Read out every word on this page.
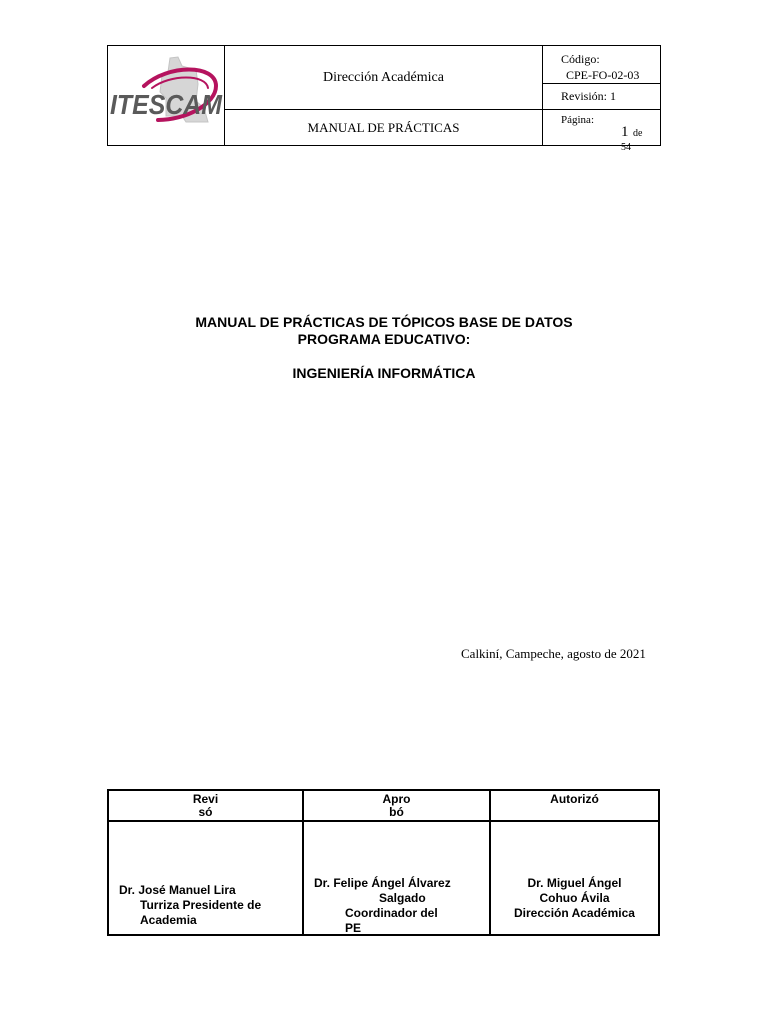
ITESCAM
Dirección Académica
MANUAL DE PRÁCTICAS
Código:
CPE-FO-02-03
Revisión: 1
Página:
1 de
54
MANUAL DE PRÁCTICAS DE TÓPICOS BASE DE DATOS
PROGRAMA EDUCATIVO:
INGENIERÍA INFORMÁTICA
Calkiní, Campeche, agosto de 2021
Revi
só
Apro
bó
Autorizó
Dr. José Manuel Lira
Turriza Presidente de
Academia
Dr. Felipe Ángel Álvarez
Salgado
Coordinador del
PE
Dr. Miguel Ángel
Cohuo Ávila
Dirección Académica
